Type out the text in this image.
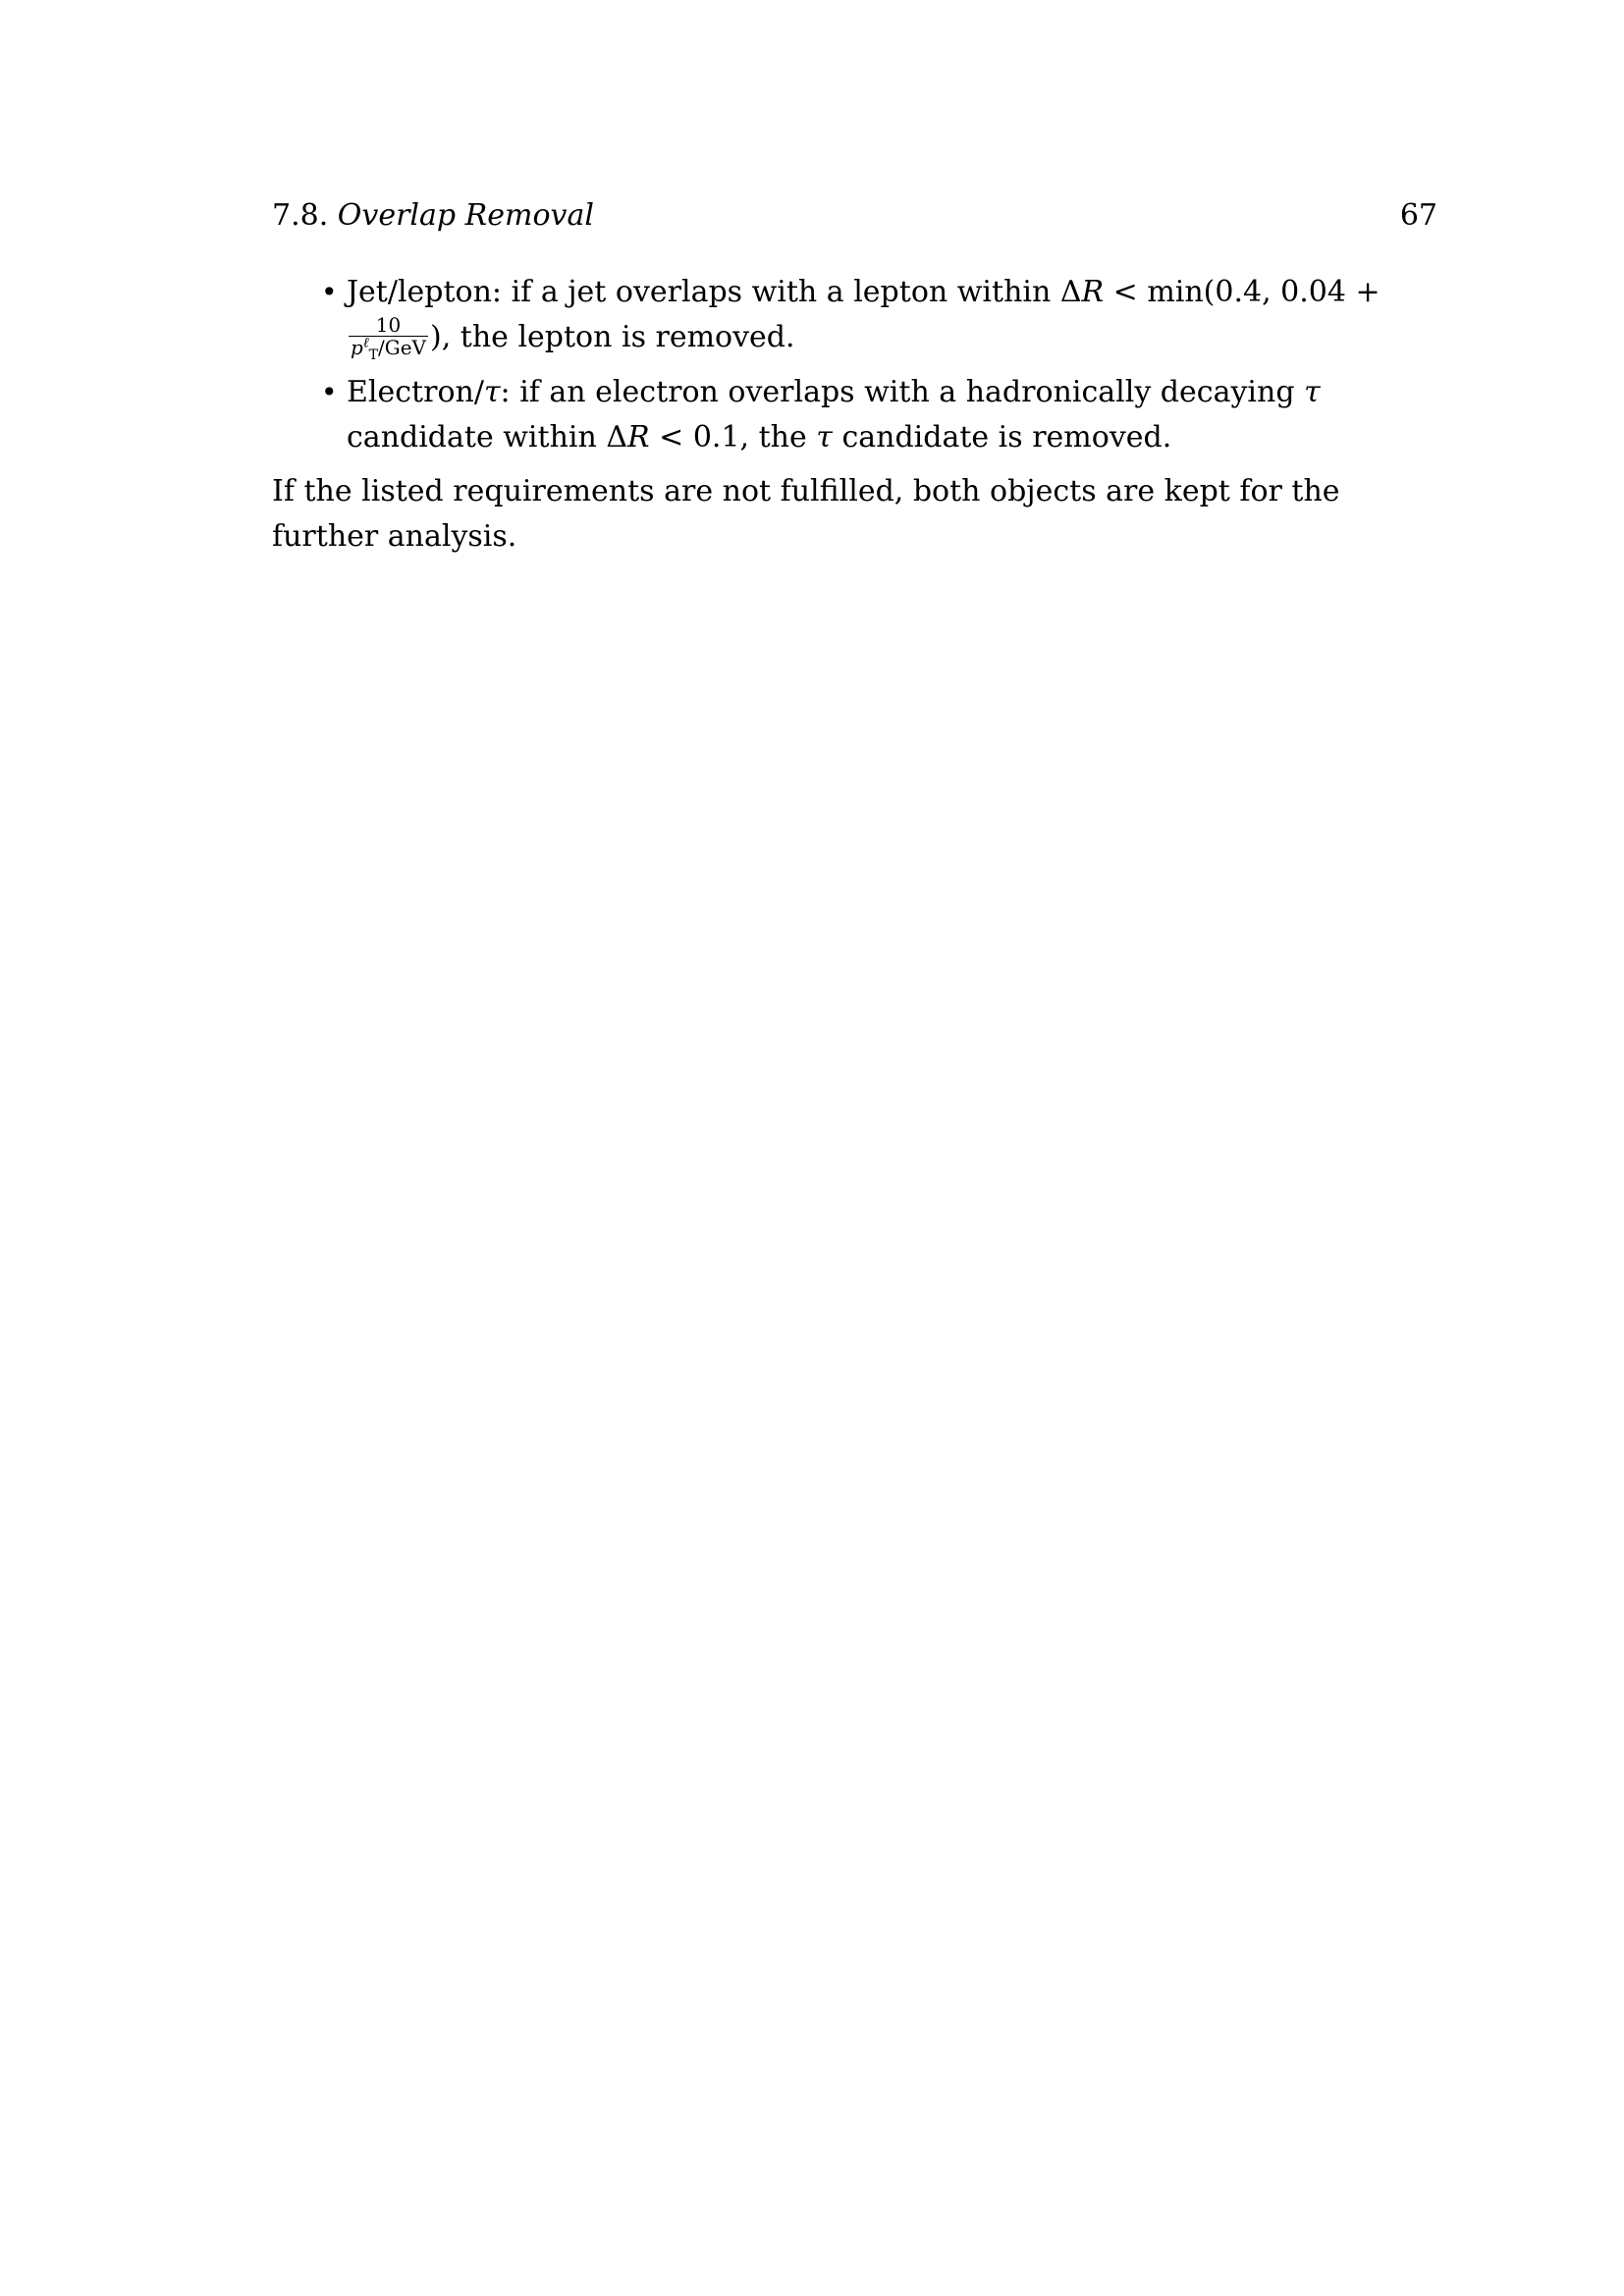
7.8. Overlap Removal	67
• Jet/lepton: if a jet overlaps with a lepton within ΔR < min(0.4, 0.04 +
$\frac{10}{p^\ell_T/GeV}$ ), the lepton is removed.
• Electron/τ: if an electron overlaps with a hadronically decaying τ candidate within ΔR < 0.1, the τ candidate is removed.

If the listed requirements are not fulfilled, both objects are kept for the further analysis.
